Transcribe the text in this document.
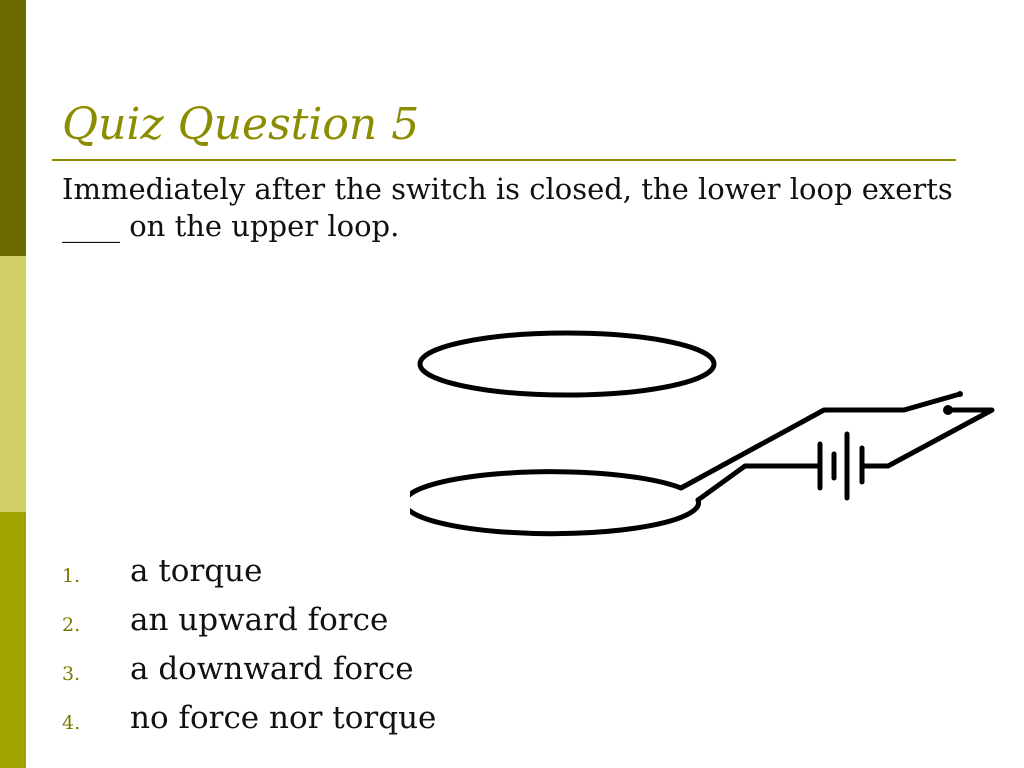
Quiz Question 5

Immediately after the switch is closed, the lower loop exerts
____ on the upper loop.

1.	a torque
2.	an upward force
3.	a downward force
4.	no force nor torque
